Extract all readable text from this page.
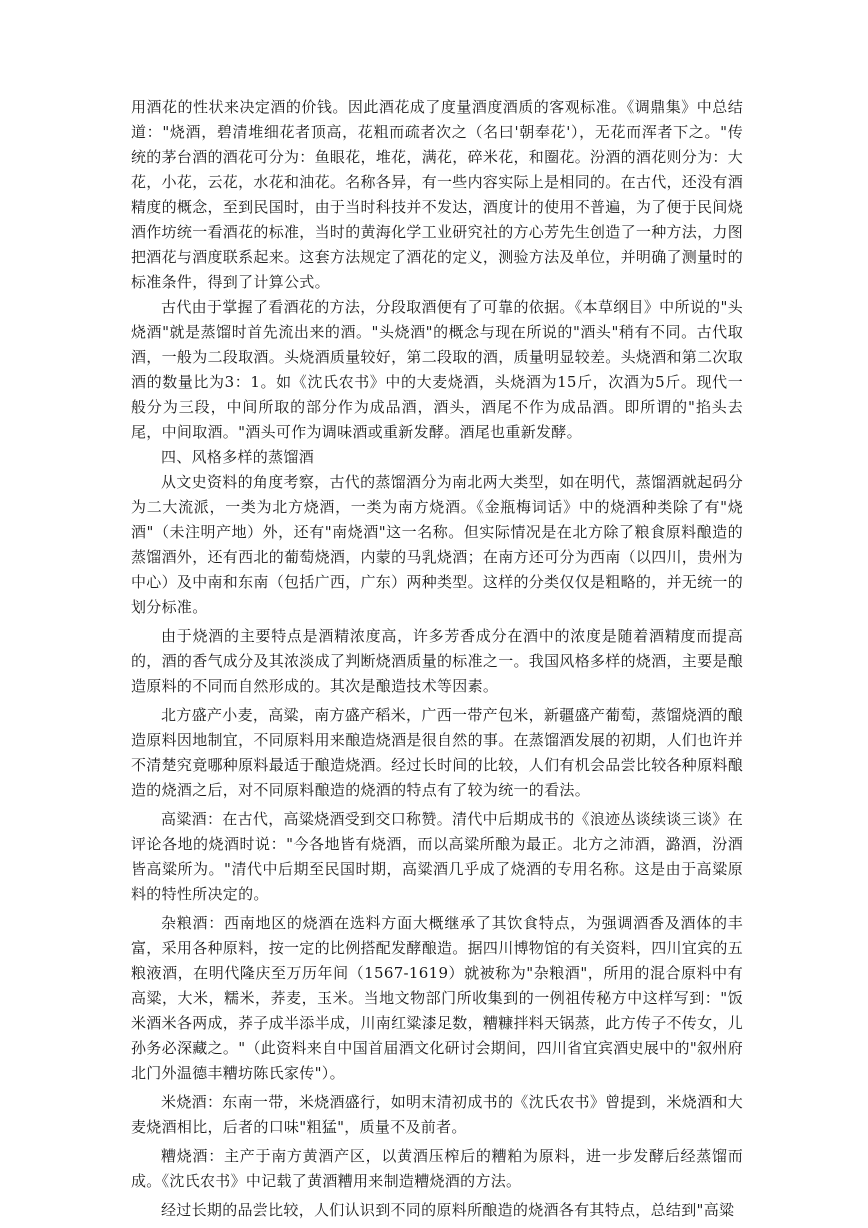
用酒花的性状来决定酒的价钱。因此酒花成了度量酒度酒质的客观标准。《调鼎集》中总结道："烧酒，碧清堆细花者顶高，花粗而疏者次之（名曰'朝奉花'），无花而浑者下之。"传统的茅台酒的酒花可分为：鱼眼花，堆花，满花，碎米花，和圈花。汾酒的酒花则分为：大花，小花，云花，水花和油花。名称各异，有一些内容实际上是相同的。在古代，还没有酒精度的概念，至到民国时，由于当时科技并不发达，酒度计的使用不普遍，为了便于民间烧酒作坊统一看酒花的标准，当时的黄海化学工业研究社的方心芳先生创造了一种方法，力图把酒花与酒度联系起来。这套方法规定了酒花的定义，测验方法及单位，并明确了测量时的标准条件，得到了计算公式。

古代由于掌握了看酒花的方法，分段取酒便有了可靠的依据。《本草纲目》中所说的"头烧酒"就是蒸馏时首先流出来的酒。"头烧酒"的概念与现在所说的"酒头"稍有不同。古代取酒，一般为二段取酒。头烧酒质量较好，第二段取的酒，质量明显较差。头烧酒和第二次取酒的数量比为3：1。如《沈氏农书》中的大麦烧酒，头烧酒为15斤，次酒为5斤。现代一般分为三段，中间所取的部分作为成品酒，酒头，酒尾不作为成品酒。即所谓的"掐头去尾，中间取酒。"酒头可作为调味酒或重新发酵。酒尾也重新发酵。

四、风格多样的蒸馏酒

从文史资料的角度考察，古代的蒸馏酒分为南北两大类型，如在明代，蒸馏酒就起码分为二大流派，一类为北方烧酒，一类为南方烧酒。《金瓶梅词话》中的烧酒种类除了有"烧酒"（未注明产地）外，还有"南烧酒"这一名称。但实际情况是在北方除了粮食原料酿造的蒸馏酒外，还有西北的葡萄烧酒，内蒙的马乳烧酒；在南方还可分为西南（以四川，贵州为中心）及中南和东南（包括广西，广东）两种类型。这样的分类仅仅是粗略的，并无统一的划分标准。

由于烧酒的主要特点是酒精浓度高，许多芳香成分在酒中的浓度是随着酒精度而提高的，酒的香气成分及其浓淡成了判断烧酒质量的标准之一。我国风格多样的烧酒，主要是酿造原料的不同而自然形成的。其次是酿造技术等因素。

北方盛产小麦，高粱，南方盛产稻米，广西一带产包米，新疆盛产葡萄，蒸馏烧酒的酿造原料因地制宜，不同原料用来酿造烧酒是很自然的事。在蒸馏酒发展的初期，人们也许并不清楚究竟哪种原料最适于酿造烧酒。经过长时间的比较，人们有机会品尝比较各种原料酿造的烧酒之后，对不同原料酿造的烧酒的特点有了较为统一的看法。

高粱酒：在古代，高粱烧酒受到交口称赞。清代中后期成书的《浪迹丛谈续谈三谈》在评论各地的烧酒时说："今各地皆有烧酒，而以高粱所酿为最正。北方之沛酒，潞酒，汾酒皆高粱所为。"清代中后期至民国时期，高粱酒几乎成了烧酒的专用名称。这是由于高粱原料的特性所决定的。

杂粮酒：西南地区的烧酒在选料方面大概继承了其饮食特点，为强调酒香及酒体的丰富，采用各种原料，按一定的比例搭配发酵酿造。据四川博物馆的有关资料，四川宜宾的五粮液酒，在明代隆庆至万历年间（1567-1619）就被称为"杂粮酒"，所用的混合原料中有高粱，大米，糯米，荞麦，玉米。当地文物部门所收集到的一例祖传秘方中这样写到："饭米酒米各两成，荞子成半添半成，川南红粱漆足数，糟糠拌料天锅蒸，此方传子不传女，儿孙务必深藏之。"（此资料来自中国首届酒文化研讨会期间，四川省宜宾酒史展中的"叙州府北门外温德丰糟坊陈氏家传"）。

米烧酒：东南一带，米烧酒盛行，如明末清初成书的《沈氏农书》曾提到，米烧酒和大麦烧酒相比，后者的口味"粗猛"，质量不及前者。

糟烧酒：主产于南方黄酒产区，以黄酒压榨后的糟粕为原料，进一步发酵后经蒸馏而成。《沈氏农书》中记载了黄酒糟用来制造糟烧酒的方法。

经过长期的品尝比较，人们认识到不同的原料所酿造的烧酒各有其特点，总结到"高粱
